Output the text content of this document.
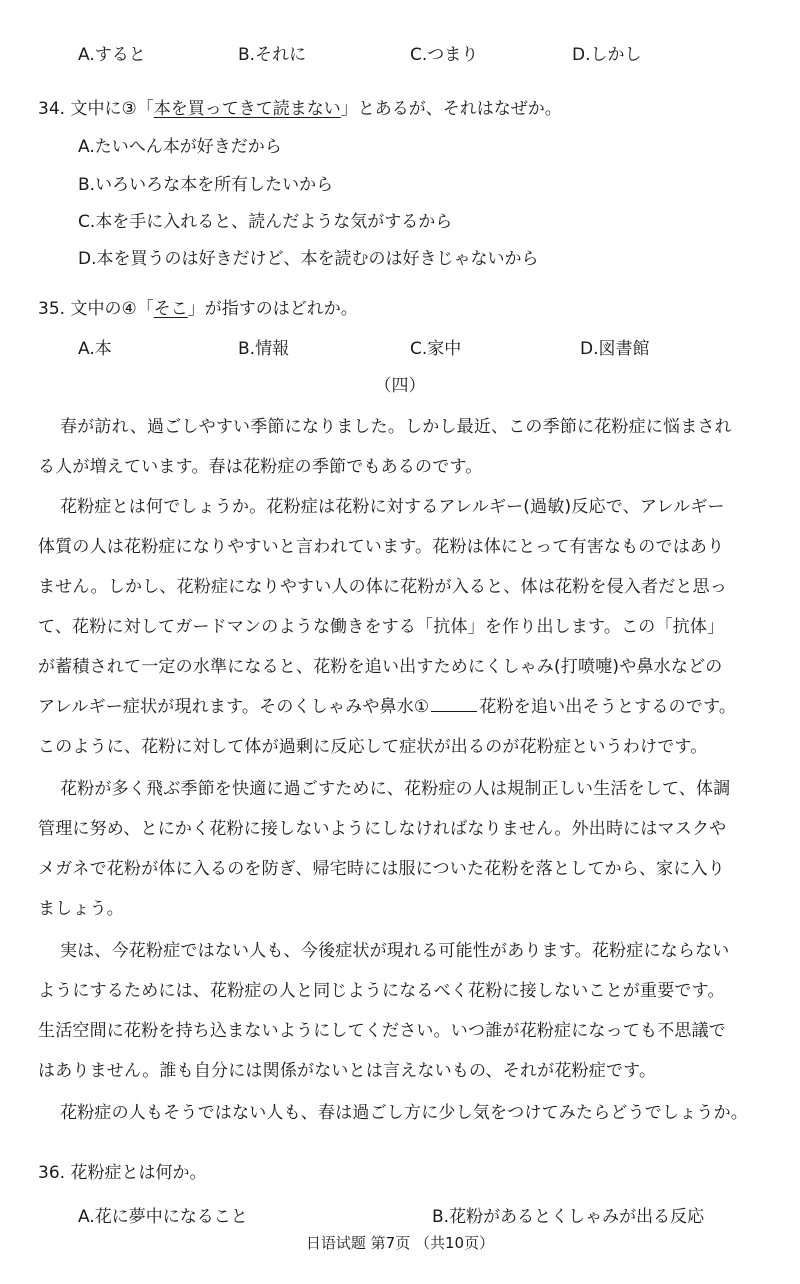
A.すると	B.それに	C.つまり	D.しかし
34. 文中に③「本を買ってきて読まない」とあるが、それはなぜか。
A.たいへん本が好きだから
B.いろいろな本を所有したいから
C.本を手に入れると、読んだような気がするから
D.本を買うのは好きだけど、本を読むのは好きじゃないから
35. 文中の④「そこ」が指すのはどれか。
A.本	B.情報	C.家中	D.図書館
（四）
春が訪れ、過ごしやすい季節になりました。しかし最近、この季節に花粉症に悩まされ
る人が増えています。春は花粉症の季節でもあるのです。
花粉症とは何でしょうか。花粉症は花粉に対するアレルギー(過敏)反応で、アレルギー
体質の人は花粉症になりやすいと言われています。花粉は体にとって有害なものではあり
ません。しかし、花粉症になりやすい人の体に花粉が入ると、体は花粉を侵入者だと思っ
て、花粉に対してガードマンのような働きをする「抗体」を作り出します。この「抗体」
が蓄積されて一定の水準になると、花粉を追い出すためにくしゃみ(打喷嚏)や鼻水などの
アレルギー症状が現れます。そのくしゃみや鼻水①	花粉を追い出そうとするのです。
このように、花粉に対して体が過剰に反応して症状が出るのが花粉症というわけです。
花粉が多く飛ぶ季節を快適に過ごすために、花粉症の人は規制正しい生活をして、体調
管理に努め、とにかく花粉に接しないようにしなければなりません。外出時にはマスクや
メガネで花粉が体に入るのを防ぎ、帰宅時には服についた花粉を落としてから、家に入り
ましょう。
実は、今花粉症ではない人も、今後症状が現れる可能性があります。花粉症にならない
ようにするためには、花粉症の人と同じようになるべく花粉に接しないことが重要です。
生活空間に花粉を持ち込まないようにしてください。いつ誰が花粉症になっても不思議で
はありません。誰も自分には関係がないとは言えないもの、それが花粉症です。
花粉症の人もそうではない人も、春は過ごし方に少し気をつけてみたらどうでしょうか。
36. 花粉症とは何か。
A.花に夢中になること	B.花粉があるとくしゃみが出る反応
日语试题 第7页 （共10页）
